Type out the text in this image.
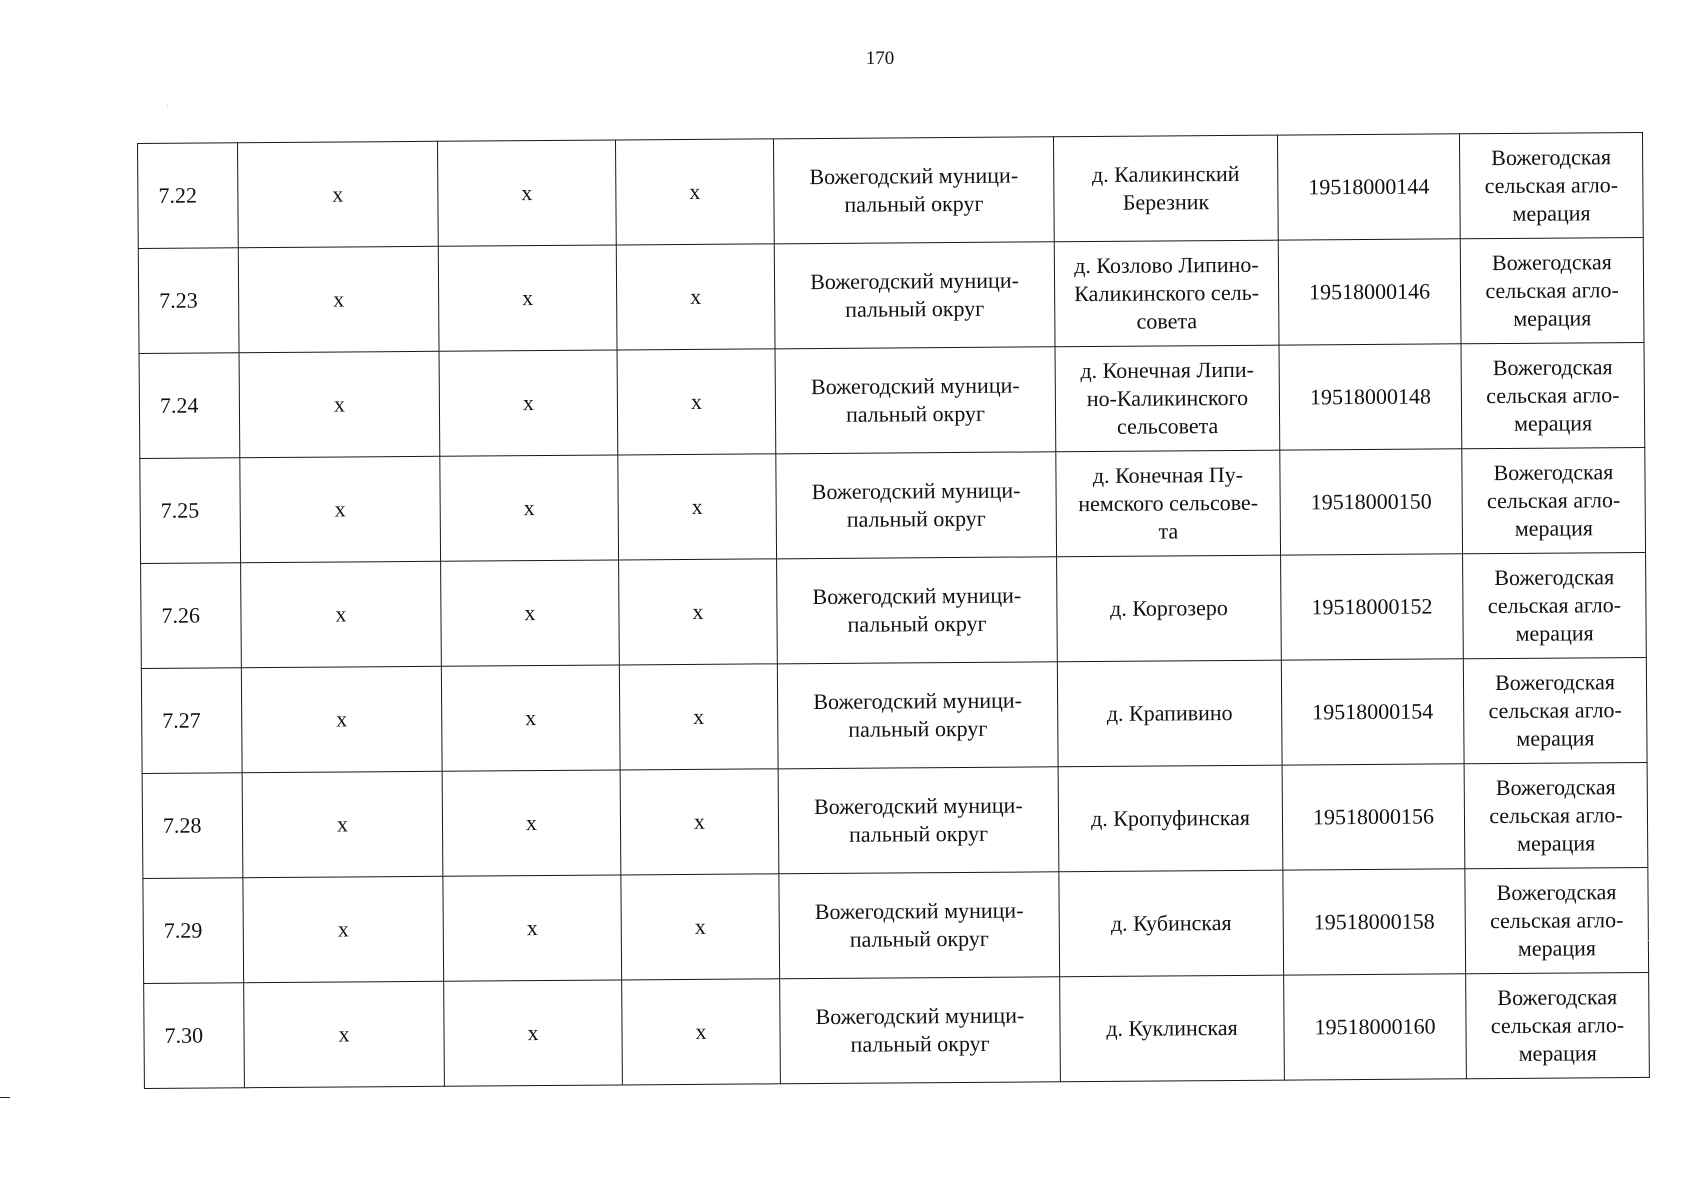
170
7.22	х	х	х	Вожегодский муници-
пальный округ	д. Каликинский
Березник	19518000144	Вожегодская
сельская агло-
мерация
7.23	х	х	х	Вожегодский муници-
пальный округ	д. Козлово Липино-
Каликинского сель-
совета	19518000146	Вожегодская
сельская агло-
мерация
7.24	х	х	х	Вожегодский муници-
пальный округ	д. Конечная Липи-
но-Каликинского
сельсовета	19518000148	Вожегодская
сельская агло-
мерация
7.25	х	х	х	Вожегодский муници-
пальный округ	д. Конечная Пу-
немского сельсове-
та	19518000150	Вожегодская
сельская агло-
мерация
7.26	х	х	х	Вожегодский муници-
пальный округ	д. Коргозеро	19518000152	Вожегодская
сельская агло-
мерация
7.27	х	х	х	Вожегодский муници-
пальный округ	д. Крапивино	19518000154	Вожегодская
сельская агло-
мерация
7.28	х	х	х	Вожегодский муници-
пальный округ	д. Кропуфинская	19518000156	Вожегодская
сельская агло-
мерация
7.29	х	х	х	Вожегодский муници-
пальный округ	д. Кубинская	19518000158	Вожегодская
сельская агло-
мерация
7.30	х	х	х	Вожегодский муници-
пальный округ	д. Куклинская	19518000160	Вожегодская
сельская агло-
мерация
